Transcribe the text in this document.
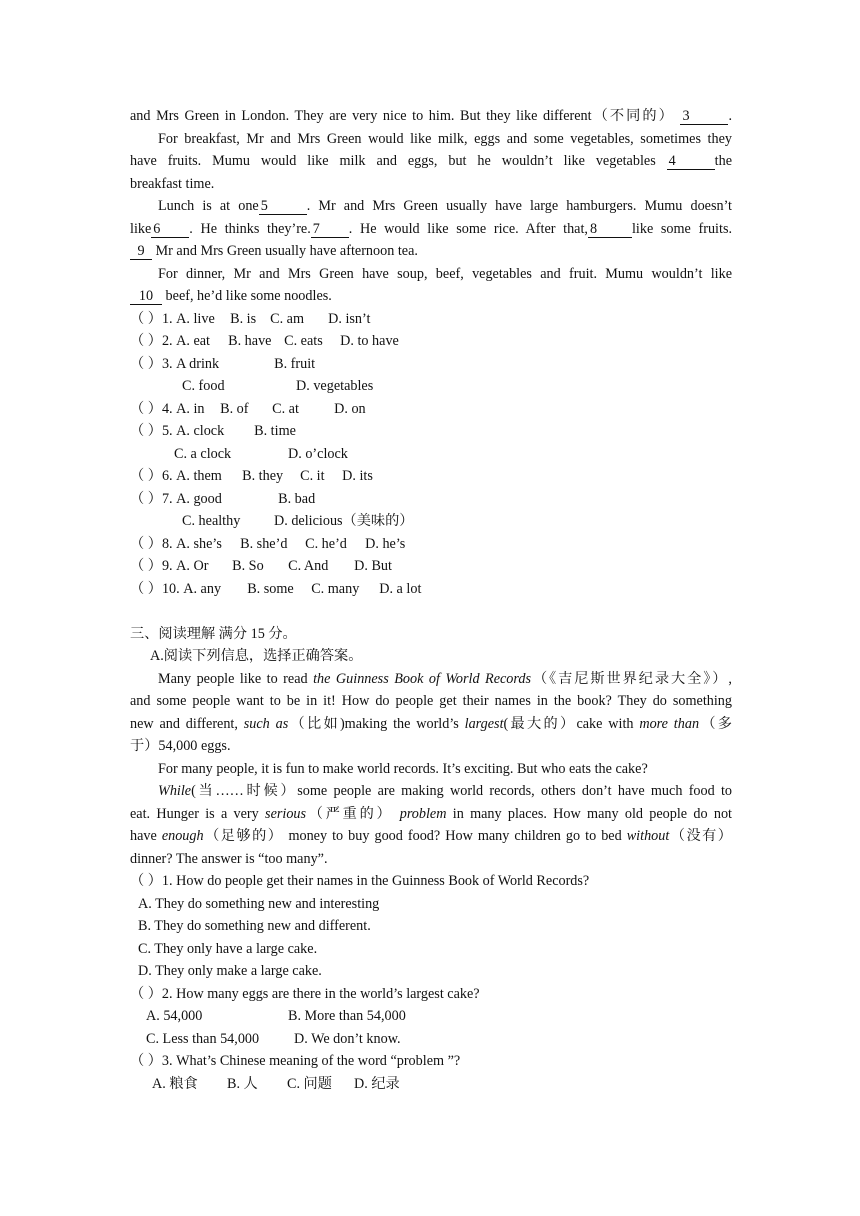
and Mrs Green in London. They are very nice to him. But they like different（不同的） 3	.
For breakfast, Mr and Mrs Green would like milk, eggs and some vegetables, sometimes they
have fruits. Mumu would like milk and eggs, but he wouldn’t like vegetables 4	the
breakfast time.
Lunch is at one 5	. Mr and Mrs Green usually have large hamburgers. Mumu doesn’t
like 6 . He thinks they’re. 7 . He would like some rice. After that, 8 like some fruits.
9 Mr and Mrs Green usually have afternoon tea.
For dinner, Mr and Mrs Green have soup, beef, vegetables and fruit. Mumu wouldn’t like
10 beef, he’d like some noodles.
（ ）1. A. live B. is C. am D. isn’t
（ ）2. A. eat B. have C. eats D. to have
（ ）3. A drink	B. fruit
C. food	D. vegetables
（ ）4. A. in B. of C. at D. on
（ ）5. A. clock B. time
C. a clock	D. o’clock
（ ）6. A. them B. they C. it D. its
（ ）7. A. good	B. bad
C. healthy D. delicious（美味的）
（ ）8. A. she’s B. she’d C. he’d D. he’s
（ ）9. A. Or B. So C. And D. But
（ ）10. A. any B. some C. many D. a lot
三、阅读理解 满分 15 分。
A.阅读下列信息，选择正确答案。
Many people like to read the Guinness Book of World Records（《吉尼斯世界纪录大全》）,
and some people want to be in it! How do people get their names in the book? They do something
new and different, such as（比如)making the world’s largest(最大的）cake with more than（多
于）54,000 eggs.
For many people, it is fun to make world records. It’s exciting. But who eats the cake?
While(当……时候）some people are making world records, others don’t have much food to
eat. Hunger is a very serious（严重的） problem in many places. How many old people do not
have enough（足够的） money to buy good food? How many children go to bed without（没有）
dinner? The answer is “too many”.
（ ）1. How do people get their names in the Guinness Book of World Records?
A. They do something new and interesting
B. They do something new and different.
C. They only have a large cake.
D. They only make a large cake.
（ ）2. How many eggs are there in the world’s largest cake?
A. 54,000	B. More than 54,000
C. Less than 54,000 D. We don’t know.
（ ）3. What’s Chinese meaning of the word “problem ”?
A. 粮食 B. 人 C. 问题 D. 纪录
